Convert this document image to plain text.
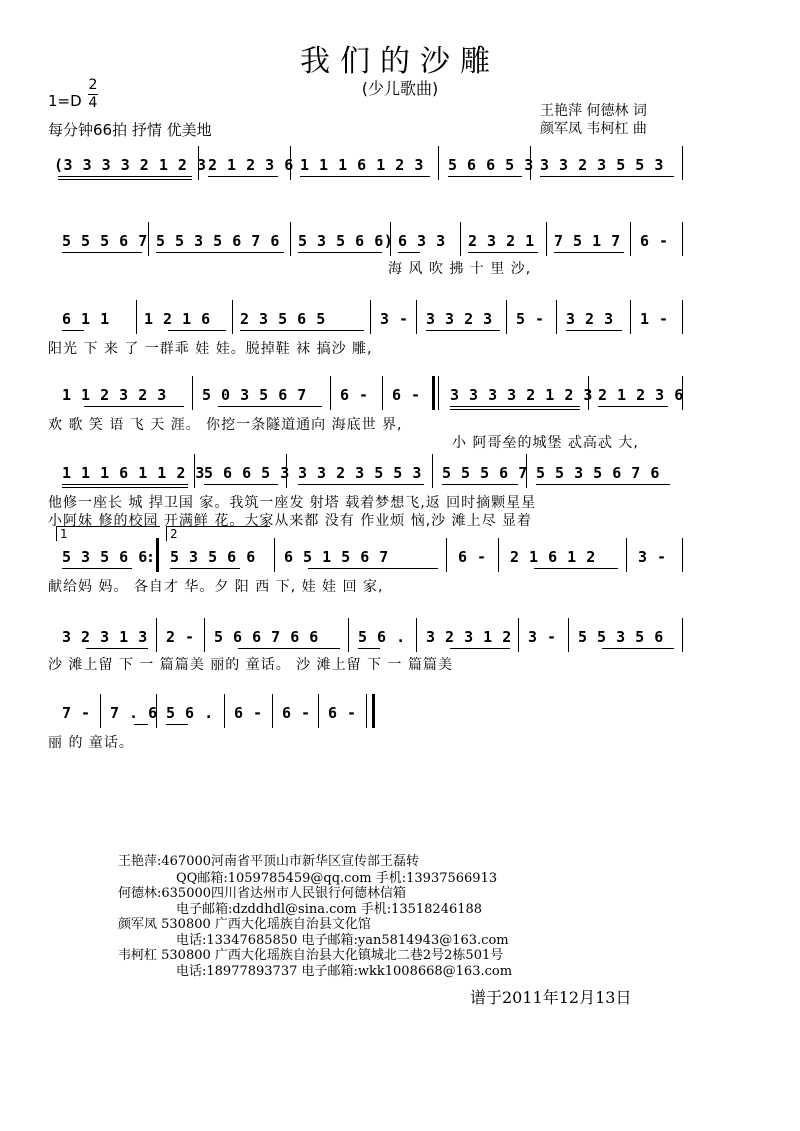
我们的沙雕
(少儿歌曲)
1=D
2
4
每分钟66拍 抒情 优美地
王艳萍 何德林 词
颜军凤 韦柯杠 曲
(3 3 3 3 2 1 2 3 2 1 2 3 6 1 1 1 6 1 2 3 5 6 6 5 3 3 3 2 3 5 5 3
5 5 5 6 7 5 5 3 5 6 7 6 5 3 5 6 6) 6 3 3 2 3 2 1 7 5 1 7 6 -
海 风 吹 拂 十 里 沙,
6 1 1 1 2 1 6 2 3 5 6 5	3 - 3 3 2 3 5 - 3 2 3 1 -
阳光 下 来 了 一群乖 娃 娃。脱掉鞋 袜 搞沙 雕,
1 1 2 3 2 3 5 0 3 5 6 7 6 - 6 - 3 3 3 3 2 1 2 3 2 1 2 3 6
欢 歌 笑 语 飞 天 涯。 你挖一条隧道通向 海底世 界,
小 阿哥垒的城堡 忒高忒 大,
1 1 1 6 1 1 2 3 5 6 6 5 3 3 3 2 3 5 5 3 5 5 5 6 7 5 5 3 5 6 7 6
他修一座长 城 捍卫国 家。我筑一座发 射塔 载着梦想飞,返 回时摘颗星星
小阿妹 修的校园 开满鲜 花。大家从来都 没有 作业烦 恼,沙 滩上尽 显着
1	2
5 3 5 6 6
: 5 3 5 6 6 6 5 1 5 6 7	6 - 2 1 6 1 2	3 -
献给妈 妈。 各自才 华。夕 阳 西 下, 娃 娃 回 家,
3 2 3 1 3 2 - 5 6 6 7 6 6	5 6 . 3 2 3 1 2 3 - 5 5 3 5 6
沙 滩上留 下 一 篇篇美 丽的 童话。 沙 滩上留 下 一 篇篇美
7 - 7 . 6 5 6 . 6 - 6 - 6 -
丽 的 童话。
王艳萍:467000河南省平顶山市新华区宣传部王磊转
QQ邮箱:1059785459@qq.com 手机:13937566913
何德林:635000四川省达州市人民银行何德林信箱
电子邮箱:dzddhdl@sina.com 手机:13518246188
颜军凤 530800 广西大化瑶族自治县文化馆
电话:13347685850 电子邮箱:yan5814943@163.com
韦柯杠 530800 广西大化瑶族自治县大化镇城北二巷2号2栋501号
电话:18977893737 电子邮箱:wkk1008668@163.com
谱于2011年12月13日
